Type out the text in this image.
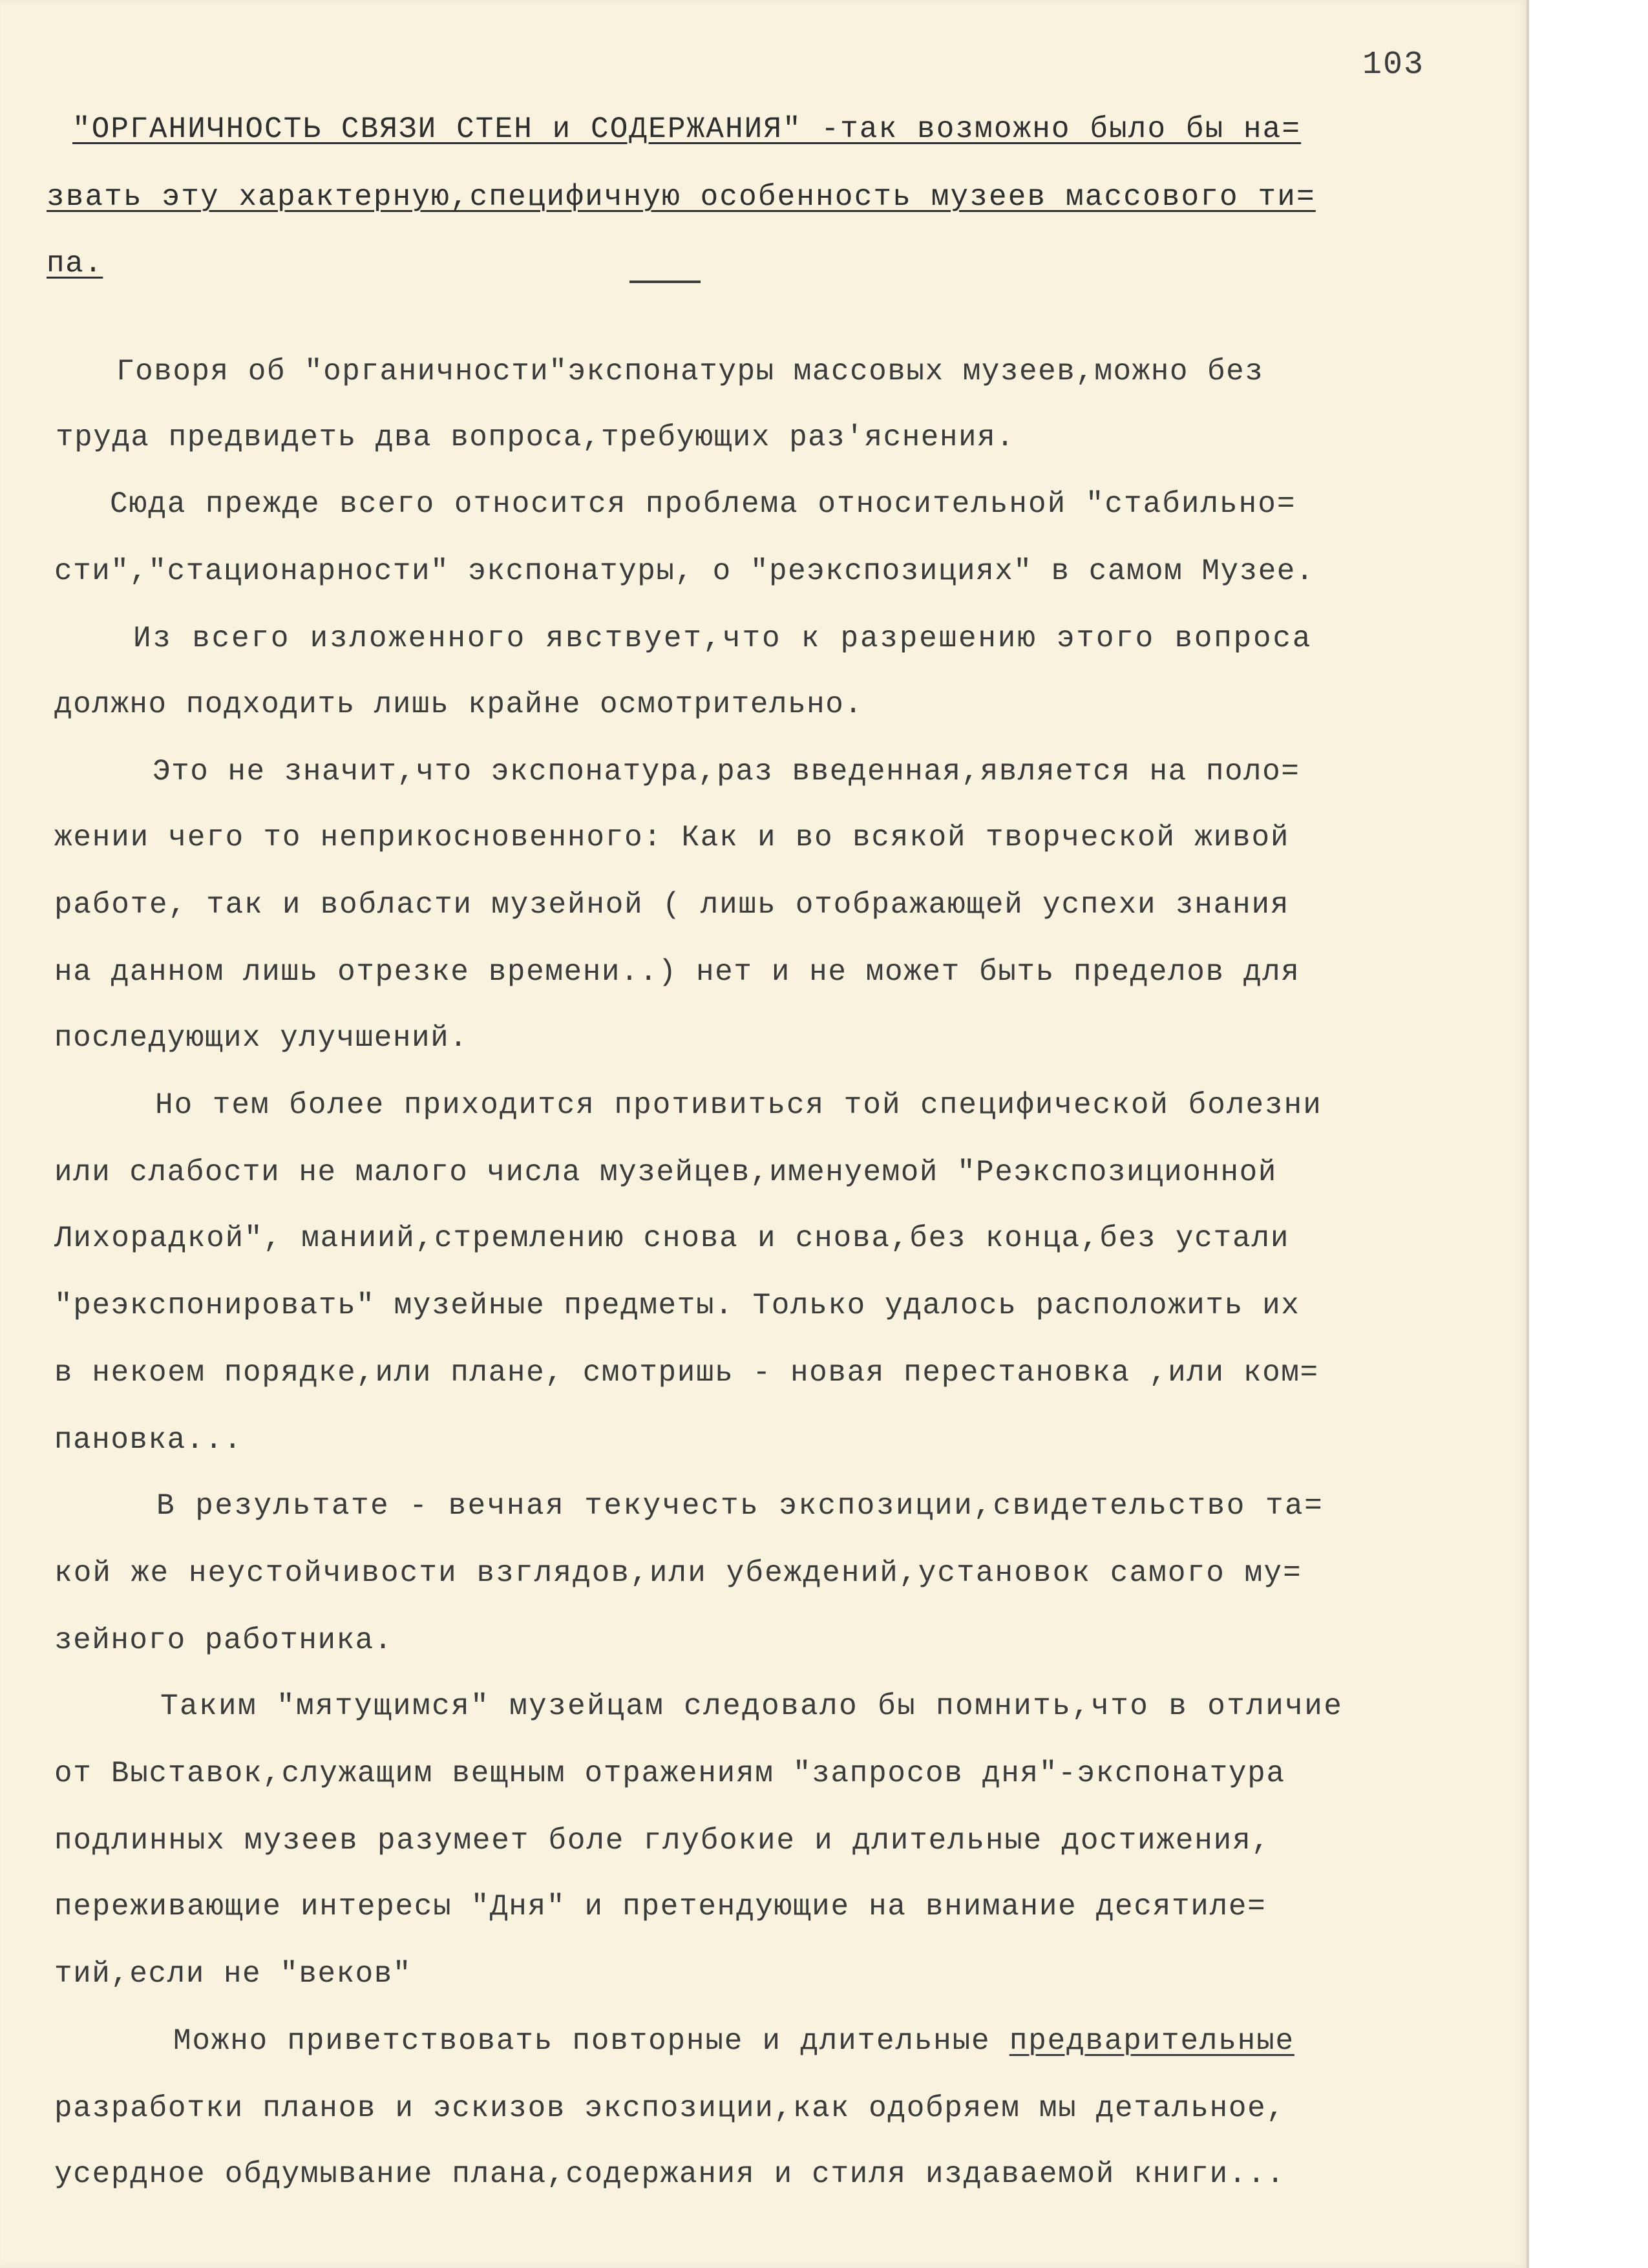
103
"ОРГАНИЧНОСТЬ СВЯЗИ СТЕН и СОДЕРЖАНИЯ" -так возможно было бы на=
звать эту характерную,специфичную особенность музеев массового ти=
па.
Говоря об "органичности"экспонатуры массовых музеев,можно без
труда предвидеть два вопроса,требующих раз'яснения.
Сюда прежде всего относится проблема относительной "стабильно=
сти","стационарности" экспонатуры, о "реэкспозициях" в самом Музее.
Из всего изложенного явствует,что к разрешению этого вопроса
должно подходить лишь крайне осмотрительно.
Это не значит,что экспонатура,раз введенная,является на поло=
жении чего то неприкосновенного: Как и во всякой творческой живой
работе, так и вобласти музейной ( лишь отображающей успехи знания
на данном лишь отрезке времени..) нет и не может быть пределов для
последующих улучшений.
Но тем более приходится противиться той специфической болезни
или слабости не малого числа музейцев,именуемой "Реэкспозиционной
Лихорадкой", маниий,стремлению снова и снова,без конца,без устали
"реэкспонировать" музейные предметы. Только удалось расположить их
в некоем порядке,или плане, смотришь - новая перестановка ,или ком=
пановка...
В результате - вечная текучесть экспозиции,свидетельство та=
кой же неустойчивости взглядов,или убеждений,установок самого му=
зейного работника.
Таким "мятущимся" музейцам следовало бы помнить,что в отличие
от Выставок,служащим вещным отражениям "запросов дня"-экспонатура
подлинных музеев разумеет боле глубокие и длительные достижения,
переживающие интересы "Дня" и претендующие на внимание десятиле=
тий,если не "веков"
Можно приветствовать повторные и длительные предварительные
разработки планов и эскизов экспозиции,как одобряем мы детальное,
усердное обдумывание плана,содержания и стиля издаваемой книги...
